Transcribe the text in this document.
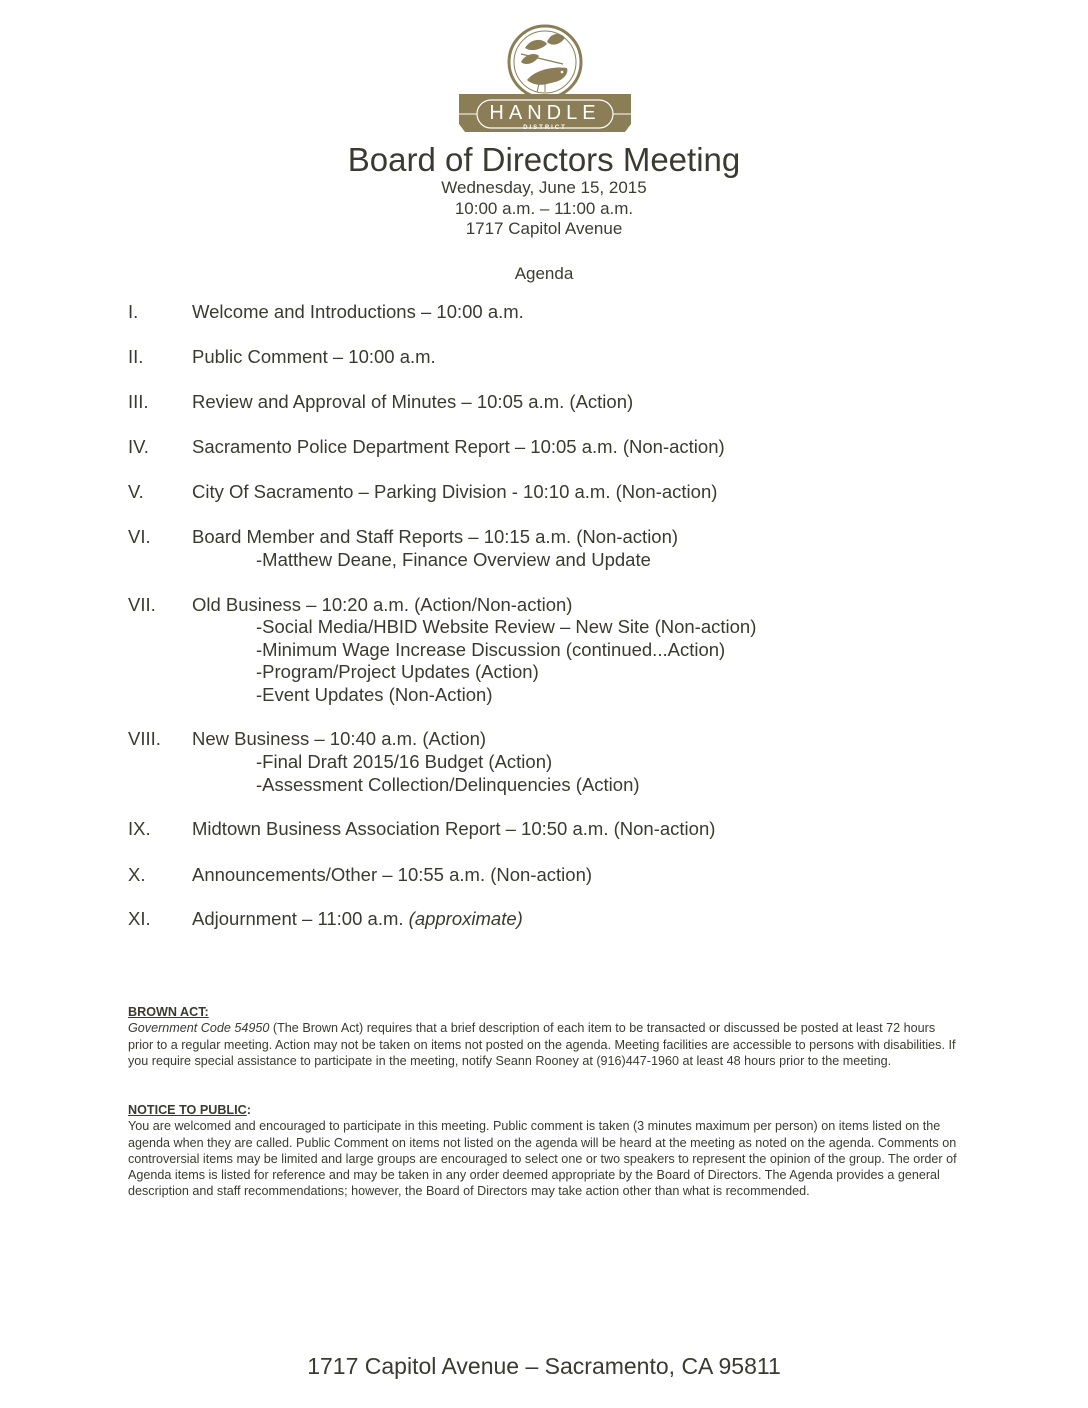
HANDLE
DISTRICT
Board of Directors Meeting
Wednesday, June 15, 2015
10:00 a.m. – 11:00 a.m.
1717 Capitol Avenue
Agenda
I.	Welcome and Introductions – 10:00 a.m.
II.	Public Comment – 10:00 a.m.
III. Review and Approval of Minutes – 10:05 a.m. (Action)
IV. Sacramento Police Department Report – 10:05 a.m. (Non-action)
V.	City Of Sacramento – Parking Division - 10:10 a.m. (Non-action)
VI. Board Member and Staff Reports – 10:15 a.m. (Non-action)
-Matthew Deane, Finance Overview and Update
VII. Old Business – 10:20 a.m. (Action/Non-action)
-Social Media/HBID Website Review – New Site (Non-action)
-Minimum Wage Increase Discussion (continued...Action)
-Program/Project Updates (Action)
-Event Updates (Non-Action)
VIII. New Business – 10:40 a.m. (Action)
-Final Draft 2015/16 Budget (Action)
-Assessment Collection/Delinquencies (Action)
IX. Midtown Business Association Report – 10:50 a.m. (Non-action)
X.	Announcements/Other – 10:55 a.m. (Non-action)
XI. Adjournment – 11:00 a.m. (approximate)

BROWN ACT:

Government Code 54950 (The Brown Act) requires that a brief description of each item to be transacted or discussed be posted at least 72 hours prior to a regular meeting. Action may not be taken on items not posted on the agenda. Meeting facilities are accessible to persons with disabilities. If you require special assistance to participate in the meeting, notify Seann Rooney at (916)447-1960 at least 48 hours prior to the meeting.

NOTICE TO PUBLIC:

You are welcomed and encouraged to participate in this meeting. Public comment is taken (3 minutes maximum per person) on items listed on the agenda when they are called. Public Comment on items not listed on the agenda will be heard at the meeting as noted on the agenda. Comments on controversial items may be limited and large groups are encouraged to select one or two speakers to represent the opinion of the group. The order of Agenda items is listed for reference and may be taken in any order deemed appropriate by the Board of Directors. The Agenda provides a general description and staff recommendations; however, the Board of Directors may take action other than what is recommended.

1717 Capitol Avenue – Sacramento, CA 95811
